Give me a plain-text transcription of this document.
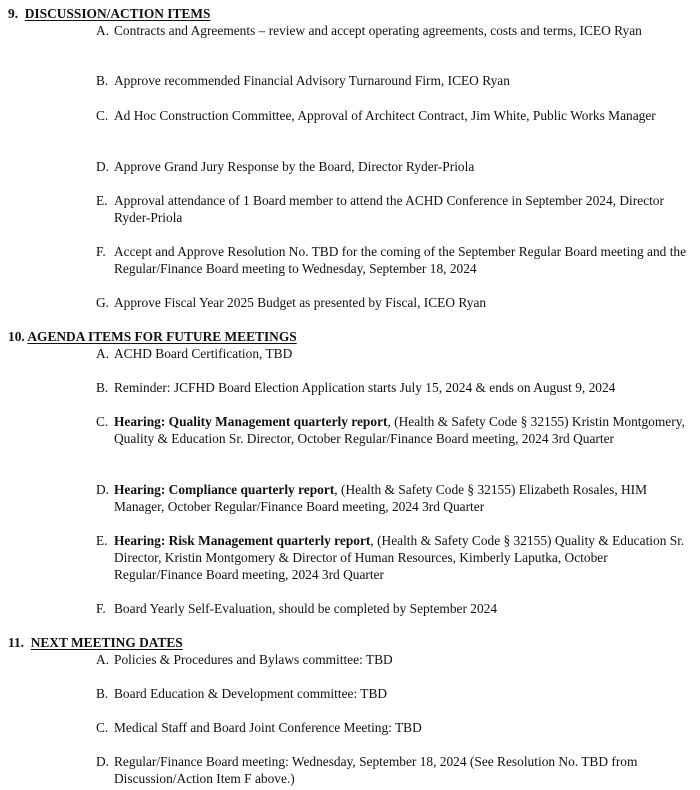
9. DISCUSSION/ACTION ITEMS
A. Contracts and Agreements – review and accept operating agreements, costs and terms, ICEO Ryan
B. Approve recommended Financial Advisory Turnaround Firm, ICEO Ryan
C. Ad Hoc Construction Committee, Approval of Architect Contract, Jim White, Public Works Manager
D. Approve Grand Jury Response by the Board, Director Ryder-Priola
E. Approval attendance of 1 Board member to attend the ACHD Conference in September 2024, Director Ryder-Priola
F. Accept and Approve Resolution No. TBD for the coming of the September Regular Board meeting and the Regular/Finance Board meeting to Wednesday, September 18, 2024
G. Approve Fiscal Year 2025 Budget as presented by Fiscal, ICEO Ryan
10. AGENDA ITEMS FOR FUTURE MEETINGS
A. ACHD Board Certification, TBD
B. Reminder: JCFHD Board Election Application starts July 15, 2024 & ends on August 9, 2024
C. Hearing: Quality Management quarterly report, (Health & Safety Code § 32155) Kristin Montgomery, Quality & Education Sr. Director, October Regular/Finance Board meeting, 2024 3rd Quarter
D. Hearing: Compliance quarterly report, (Health & Safety Code § 32155) Elizabeth Rosales, HIM Manager, October Regular/Finance Board meeting, 2024 3rd Quarter
E. Hearing: Risk Management quarterly report, (Health & Safety Code § 32155) Quality & Education Sr. Director, Kristin Montgomery & Director of Human Resources, Kimberly Laputka, October Regular/Finance Board meeting, 2024 3rd Quarter
F. Board Yearly Self-Evaluation, should be completed by September 2024
11. NEXT MEETING DATES
A. Policies & Procedures and Bylaws committee: TBD
B. Board Education & Development committee: TBD
C. Medical Staff and Board Joint Conference Meeting: TBD
D. Regular/Finance Board meeting: Wednesday, September 18, 2024 (See Resolution No. TBD from Discussion/Action Item F above.)
